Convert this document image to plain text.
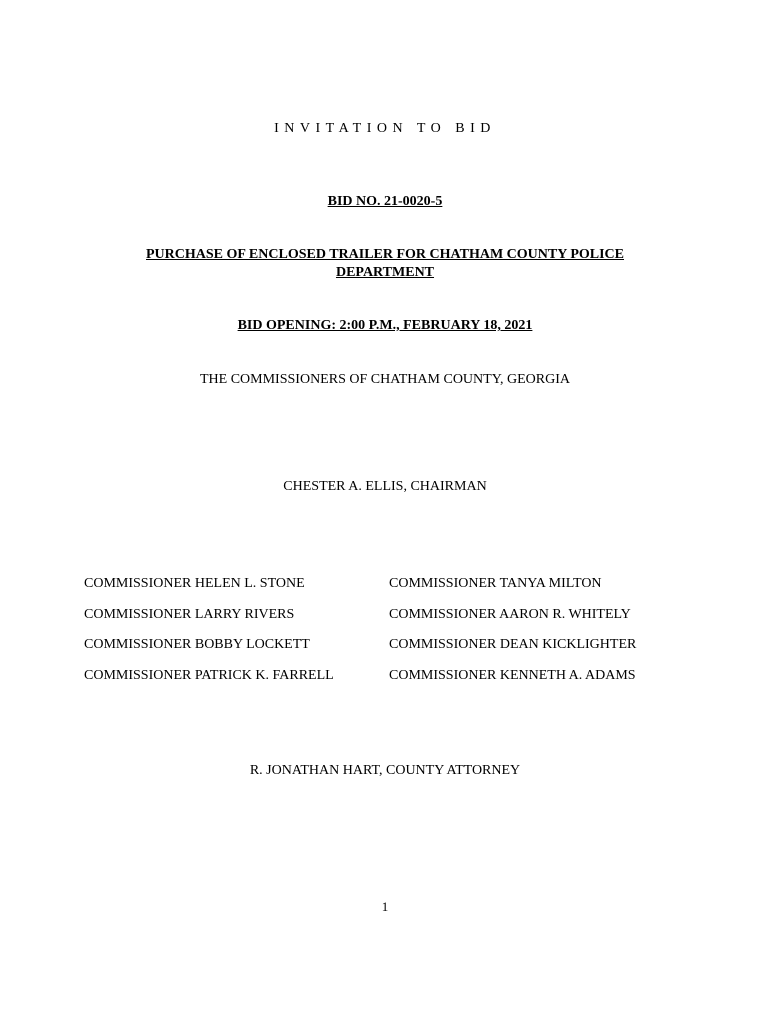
INVITATION TO BID
BID NO. 21-0020-5
PURCHASE OF ENCLOSED TRAILER FOR CHATHAM COUNTY POLICE
DEPARTMENT
BID OPENING: 2:00 P.M., FEBRUARY 18, 2021
THE COMMISSIONERS OF CHATHAM COUNTY, GEORGIA
CHESTER A. ELLIS, CHAIRMAN
COMMISSIONER HELEN L. STONE	COMMISSIONER TANYA MILTON
COMMISSIONER LARRY RIVERS	COMMISSIONER AARON R. WHITELY
COMMISSIONER BOBBY LOCKETT	COMMISSIONER DEAN KICKLIGHTER
COMMISSIONER PATRICK K. FARRELL	COMMISSIONER KENNETH A. ADAMS
R. JONATHAN HART, COUNTY ATTORNEY
1
